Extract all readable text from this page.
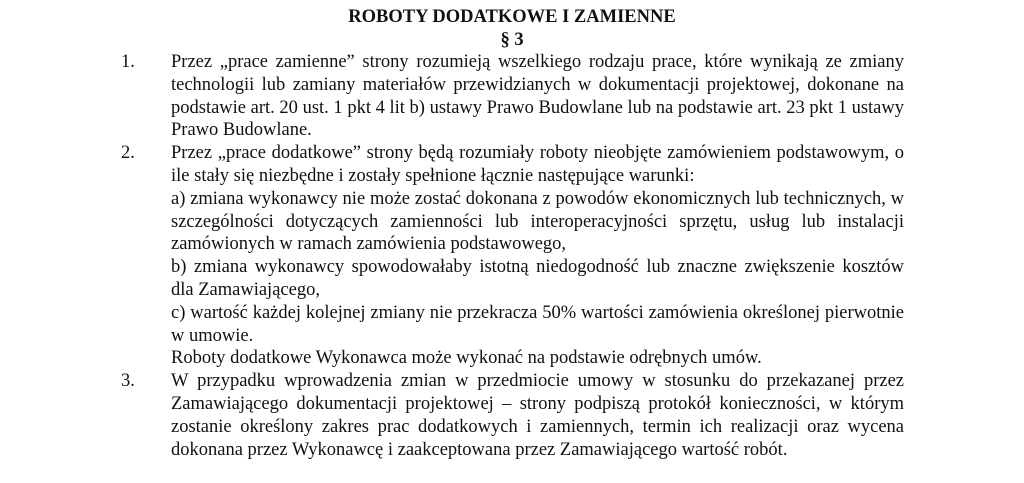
ROBOTY DODATKOWE I ZAMIENNE
§ 3
1.	Przez „prace zamienne” strony rozumieją wszelkiego rodzaju prace, które wynikają ze zmiany technologii lub zamiany materiałów przewidzianych w dokumentacji projektowej, dokonane na podstawie art. 20 ust. 1 pkt 4 lit b) ustawy Prawo Budowlane lub na podstawie art. 23 pkt 1 ustawy Prawo Budowlane.
2.	Przez „prace dodatkowe” strony będą rozumiały roboty nieobjęte zamówieniem podstawowym, o ile stały się niezbędne i zostały spełnione łącznie następujące warunki:
a) zmiana wykonawcy nie może zostać dokonana z powodów ekonomicznych lub technicznych, w szczególności dotyczących zamienności lub interoperacyjności sprzętu, usług lub instalacji zamówionych w ramach zamówienia podstawowego,
b) zmiana wykonawcy spowodowałaby istotną niedogodność lub znaczne zwiększenie kosztów dla Zamawiającego,
c) wartość każdej kolejnej zmiany nie przekracza 50% wartości zamówienia określonej pierwotnie w umowie.
Roboty dodatkowe Wykonawca może wykonać na podstawie odrębnych umów.
3.	W przypadku wprowadzenia zmian w przedmiocie umowy w stosunku do przekazanej przez Zamawiającego dokumentacji projektowej – strony podpiszą protokół konieczności, w którym zostanie określony zakres prac dodatkowych i zamiennych, termin ich realizacji oraz wycena dokonana przez Wykonawcę i zaakceptowana przez Zamawiającego wartość robót.
